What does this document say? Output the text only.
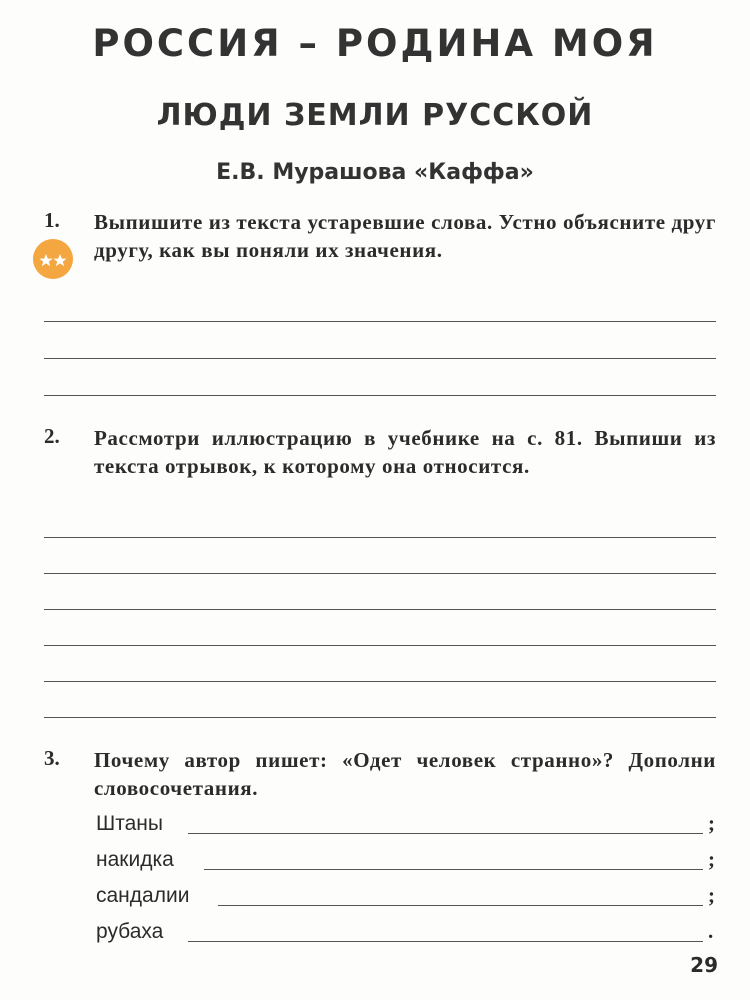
РОССИЯ – РОДИНА МОЯ
ЛЮДИ ЗЕМЛИ РУССКОЙ
Е.В. Мурашова «Каффа»
1. Выпишите из текста устаревшие слова. Устно объясните друг другу, как вы поняли их значения.
2. Рассмотри иллюстрацию в учебнике на с. 81. Выпиши из текста отрывок, к которому она относится.
3. Почему автор пишет: «Одет человек странно»? Дополни словосочетания.
Штаны	;
накидка	;
сандалии	;
рубаха	.
29
